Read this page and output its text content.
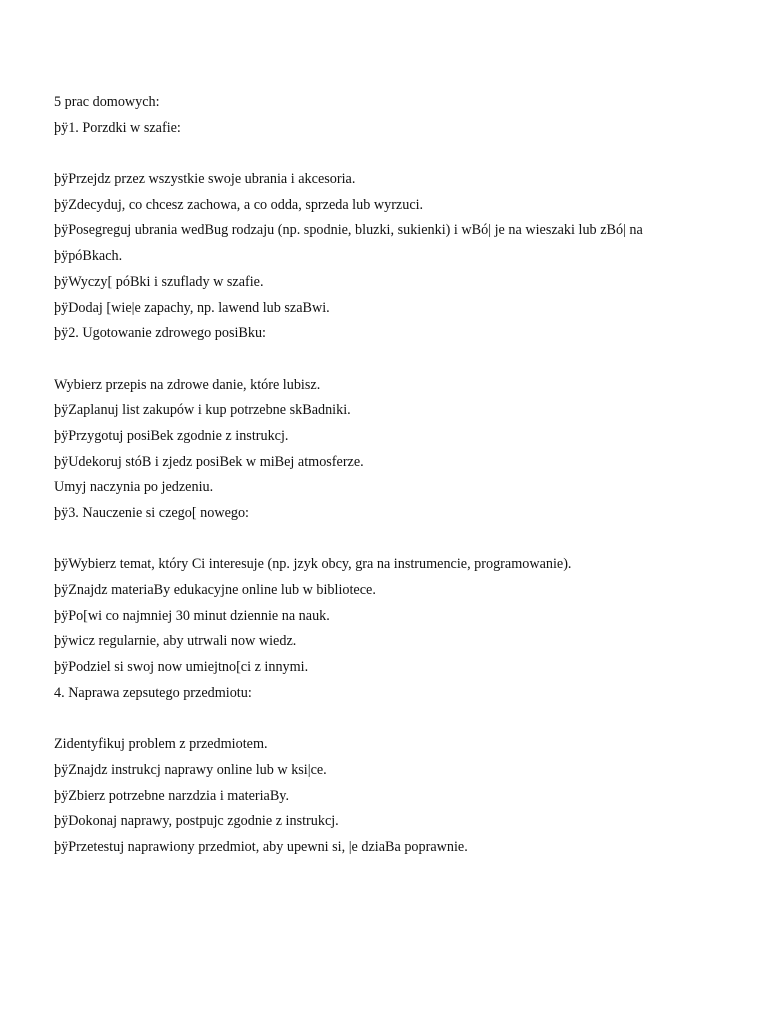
5 prac domowych:
þÿ1. Porzdki w szafie:
þÿPrzejdz przez wszystkie swoje ubrania i akcesoria.
þÿZdecyduj, co chcesz zachowa, a co odda, sprzeda lub wyrzuci.
þÿPosegreguj ubrania wedBug rodzaju (np. spodnie, bluzki, sukienki) i wBó| je na wieszaki lub zBó| na
þÿpóBkach.
þÿWyczy[ póBki i szuflady w szafie.
þÿDodaj [wie|e zapachy, np. lawend lub szaBwi.
þÿ2. Ugotowanie zdrowego posiBku:
Wybierz przepis na zdrowe danie, które lubisz.
þÿZaplanuj list zakupów i kup potrzebne skBadniki.
þÿPrzygotuj posiBek zgodnie z instrukcj.
þÿUdekoruj stóB i zjedz posiBek w miBej atmosferze.
Umyj naczynia po jedzeniu.
þÿ3. Nauczenie si czego[ nowego:
þÿWybierz temat, który Ci interesuje (np. jzyk obcy, gra na instrumencie, programowanie).
þÿZnajdz materiaBy edukacyjne online lub w bibliotece.
þÿPo[wi co najmniej 30 minut dziennie na nauk.
þÿwicz regularnie, aby utrwali now wiedz.
þÿPodziel si swoj now umiejtno[ci z innymi.
4. Naprawa zepsutego przedmiotu:
Zidentyfikuj problem z przedmiotem.
þÿZnajdz instrukcj naprawy online lub w ksi|ce.
þÿZbierz potrzebne narzdzia i materiaBy.
þÿDokonaj naprawy, postpujc zgodnie z instrukcj.
þÿPrzetestuj naprawiony przedmiot, aby upewni si, |e dziaBa poprawnie.
